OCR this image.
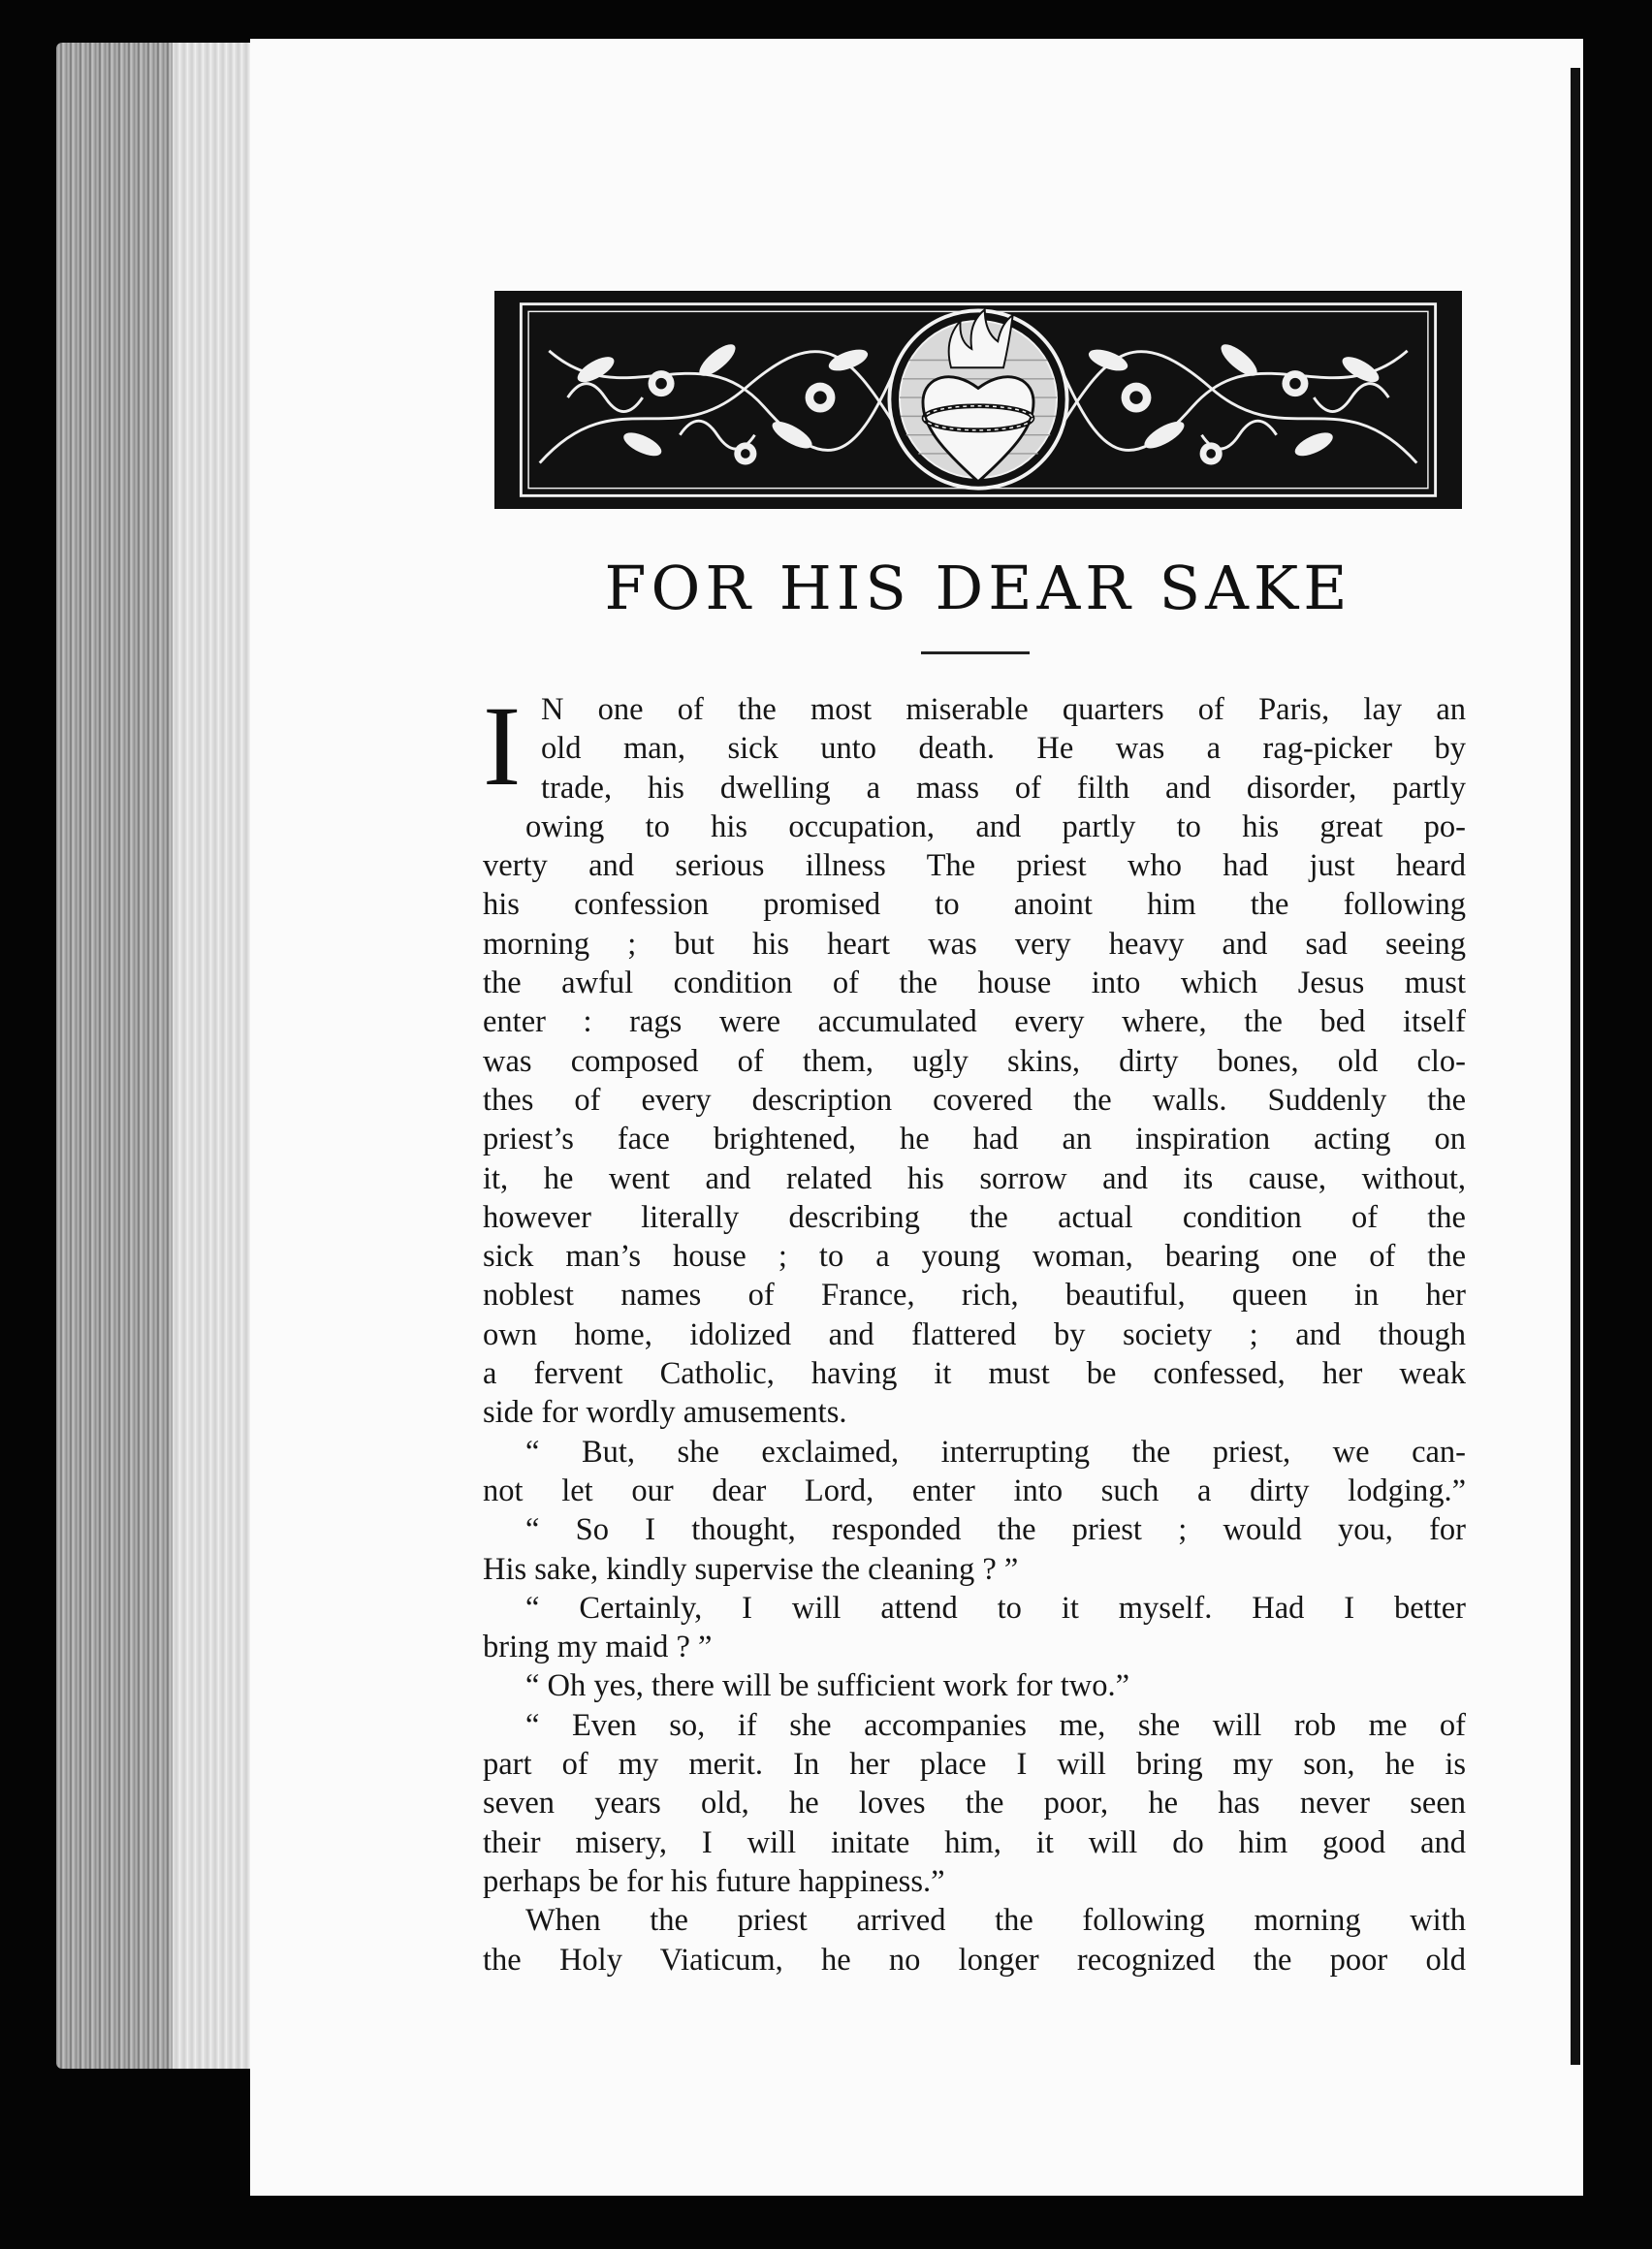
FOR HIS DEAR SAKE
I N one of the most miserable quarters of Paris, lay an
old man, sick unto death. He was a rag-picker by
trade, his dwelling a mass of filth and disorder, partly
owing to his occupation, and partly to his great po-
verty and serious illness The priest who had just heard
his confession promised to anoint him the following
morning ; but his heart was very heavy and sad seeing
the awful condition of the house into which Jesus must
enter : rags were accumulated every where, the bed itself
was composed of them, ugly skins, dirty bones, old clo-
thes of every description covered the walls. Suddenly the
priest’s face brightened, he had an inspiration acting on
it, he went and related his sorrow and its cause, without,
however literally describing the actual condition of the
sick man’s house ; to a young woman, bearing one of the
noblest names of France, rich, beautiful, queen in her
own home, idolized and flattered by society ; and though
a fervent Catholic, having it must be confessed, her weak
side for wordly amusements.
“ But, she exclaimed, interrupting the priest, we can-
not let our dear Lord, enter into such a dirty lodging.”
“ So I thought, responded the priest ; would you, for
His sake, kindly supervise the cleaning ? ”
“ Certainly, I will attend to it myself. Had I better
bring my maid ? ”
“ Oh yes, there will be sufficient work for two.”
“ Even so, if she accompanies me, she will rob me of
part of my merit. In her place I will bring my son, he is
seven years old, he loves the poor, he has never seen
their misery, I will initate him, it will do him good and
perhaps be for his future happiness.”
When the priest arrived the following morning with
the Holy Viaticum, he no longer recognized the poor old
